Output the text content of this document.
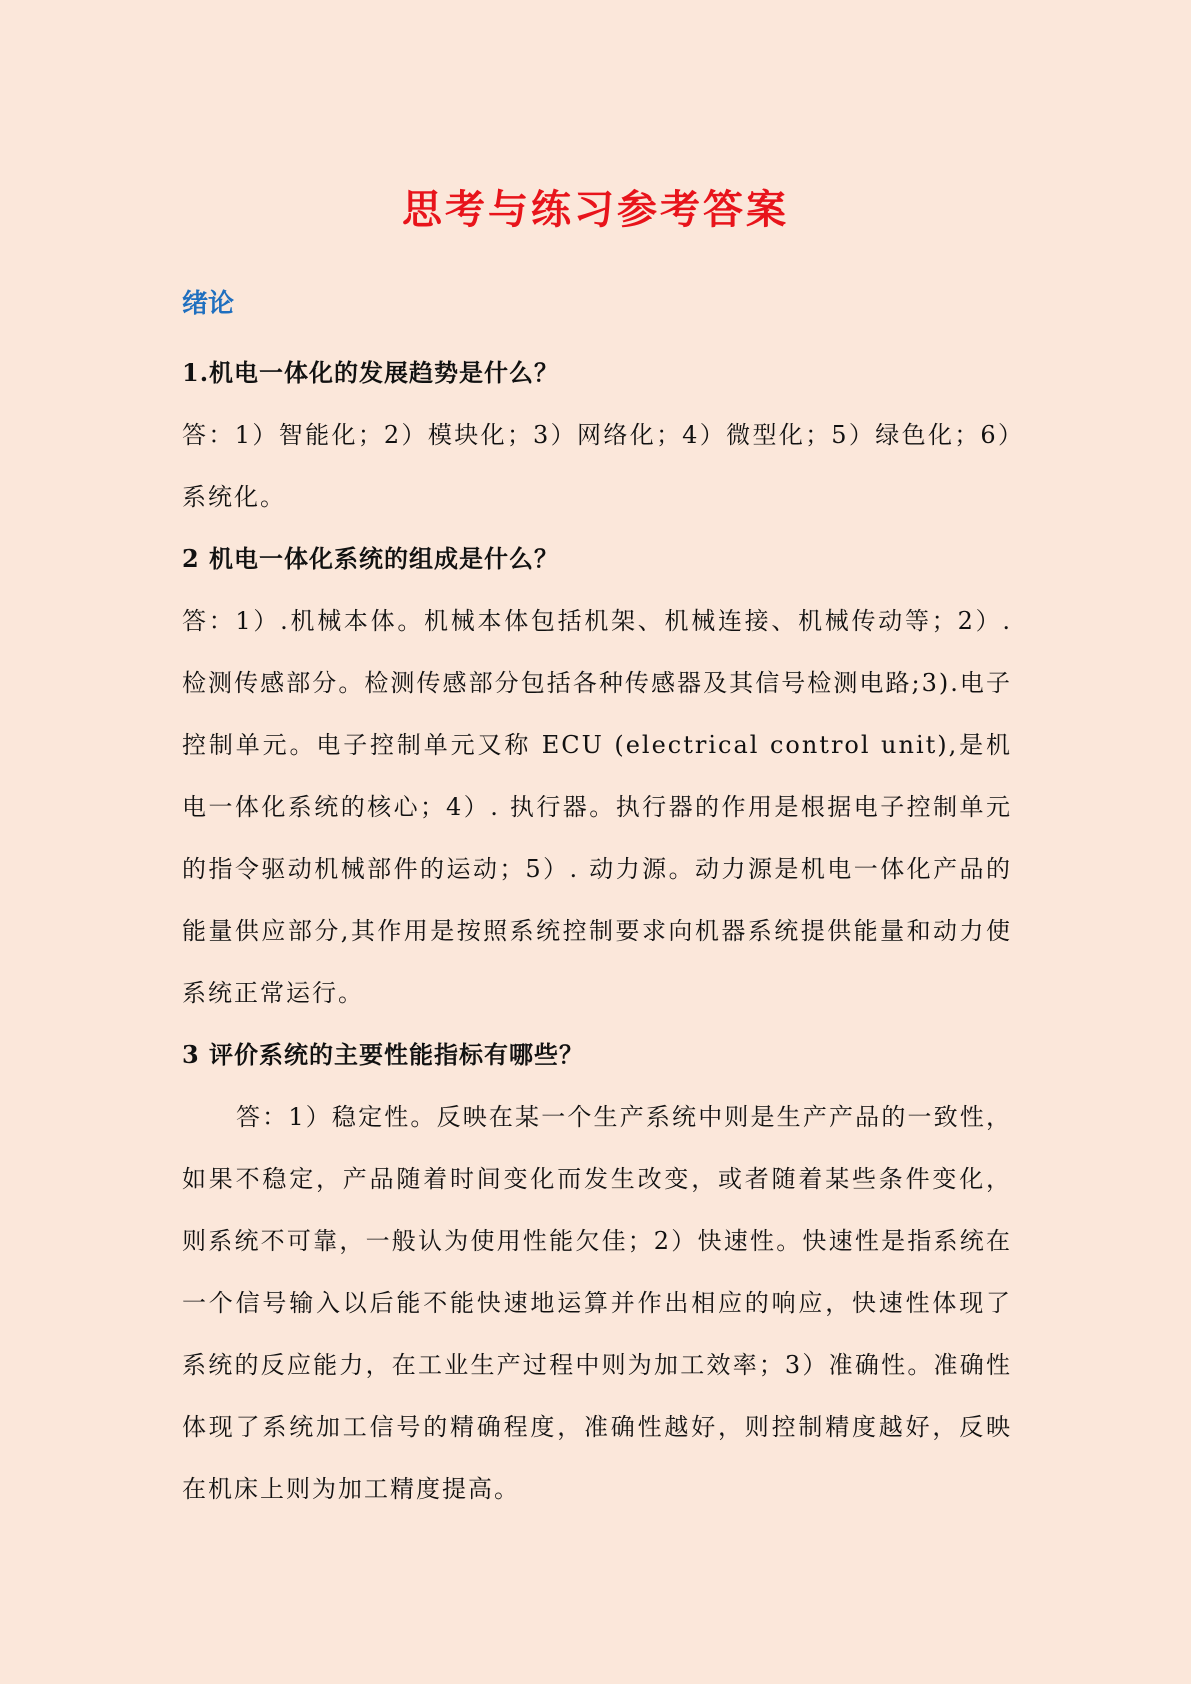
思考与练习参考答案
绪论
1.机电一体化的发展趋势是什么？
答：1）智能化；2）模块化；3）网络化；4）微型化；5）绿色化；6）系统化。
2 机电一体化系统的组成是什么？
答：1）.机械本体。机械本体包括机架、机械连接、机械传动等；2）.检测传感部分。检测传感部分包括各种传感器及其信号检测电路;3).电子控制单元。电子控制单元又称 ECU (electrical control unit),是机电一体化系统的核心；4）. 执行器。执行器的作用是根据电子控制单元的指令驱动机械部件的运动；5）. 动力源。动力源是机电一体化产品的能量供应部分,其作用是按照系统控制要求向机器系统提供能量和动力使系统正常运行。
3 评价系统的主要性能指标有哪些？
答：1）稳定性。反映在某一个生产系统中则是生产产品的一致性，如果不稳定，产品随着时间变化而发生改变，或者随着某些条件变化，则系统不可靠，一般认为使用性能欠佳；2）快速性。快速性是指系统在一个信号输入以后能不能快速地运算并作出相应的响应，快速性体现了系统的反应能力，在工业生产过程中则为加工效率；3）准确性。准确性体现了系统加工信号的精确程度，准确性越好，则控制精度越好，反映在机床上则为加工精度提高。
